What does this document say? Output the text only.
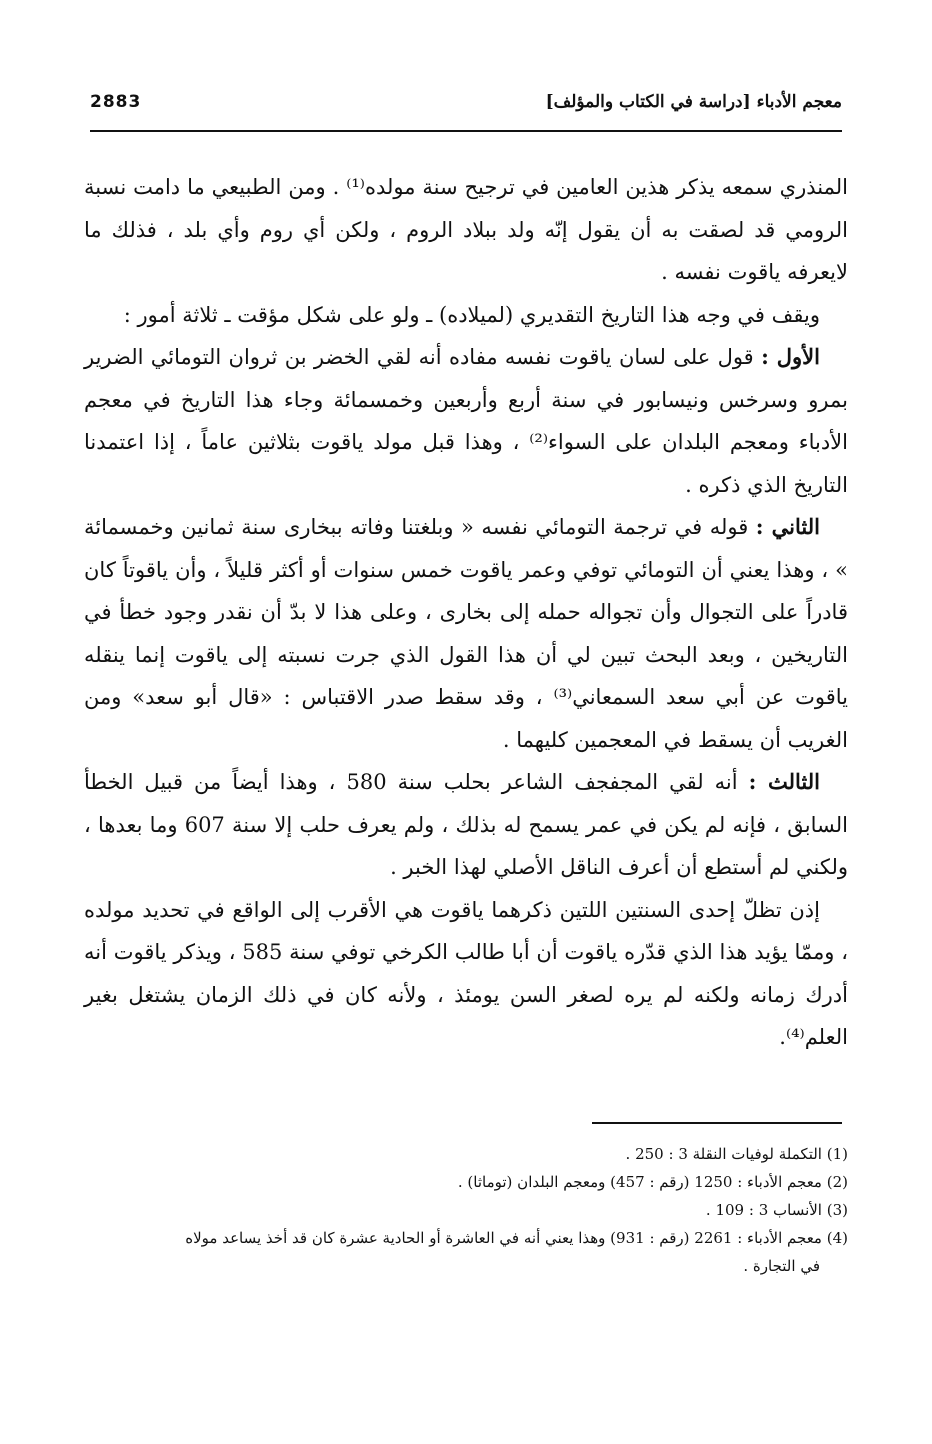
2883	معجم الأدباء [دراسة في الكتاب والمؤلف]

المنذري سمعه يذكر هذين العامين في ترجيح سنة مولده⁽¹⁾ . ومن الطبيعي ما دامت نسبة الرومي قد لصقت به أن يقول إنّه ولد ببلاد الروم ، ولكن أي روم وأي بلد ، فذلك ما لايعرفه ياقوت نفسه .

ويقف في وجه هذا التاريخ التقديري (لميلاده) ـ ولو على شكل مؤقت ـ ثلاثة أمور :

الأول : قول على لسان ياقوت نفسه مفاده أنه لقي الخضر بن ثروان التومائي الضرير بمرو وسرخس ونيسابور في سنة أربع وأربعين وخمسمائة وجاء هذا التاريخ في معجم الأدباء ومعجم البلدان على السواء⁽²⁾ ، وهذا قبل مولد ياقوت بثلاثين عاماً ، إذا اعتمدنا التاريخ الذي ذكره .

الثاني : قوله في ترجمة التومائي نفسه « وبلغتنا وفاته ببخارى سنة ثمانين وخمسمائة » ، وهذا يعني أن التومائي توفي وعمر ياقوت خمس سنوات أو أكثر قليلاً ، وأن ياقوتاً كان قادراً على التجوال وأن تجواله حمله إلى بخارى ، وعلى هذا لا بدّ أن نقدر وجود خطأ في التاريخين ، وبعد البحث تبين لي أن هذا القول الذي جرت نسبته إلى ياقوت إنما ينقله ياقوت عن أبي سعد السمعاني⁽³⁾ ، وقد سقط صدر الاقتباس : «قال أبو سعد» ومن الغريب أن يسقط في المعجمين كليهما .

الثالث : أنه لقي المجفجف الشاعر بحلب سنة 580 ، وهذا أيضاً من قبيل الخطأ السابق ، فإنه لم يكن في عمر يسمح له بذلك ، ولم يعرف حلب إلا سنة 607 وما بعدها ، ولكني لم أستطع أن أعرف الناقل الأصلي لهذا الخبر .

إذن تظلّ إحدى السنتين اللتين ذكرهما ياقوت هي الأقرب إلى الواقع في تحديد مولده ، وممّا يؤيد هذا الذي قدّره ياقوت أن أبا طالب الكرخي توفي سنة 585 ، ويذكر ياقوت أنه أدرك زمانه ولكنه لم يره لصغر السن يومئذ ، ولأنه كان في ذلك الزمان يشتغل بغير العلم⁽⁴⁾.

(1) التكملة لوفيات النقلة 3 : 250 .

(2) معجم الأدباء : 1250 (رقم : 457) ومعجم البلدان (توماثا) .

(3) الأنساب 3 : 109 .

(4) معجم الأدباء : 2261 (رقم : 931) وهذا يعني أنه في العاشرة أو الحادية عشرة كان قد أخذ يساعد مولاه

في التجارة .
